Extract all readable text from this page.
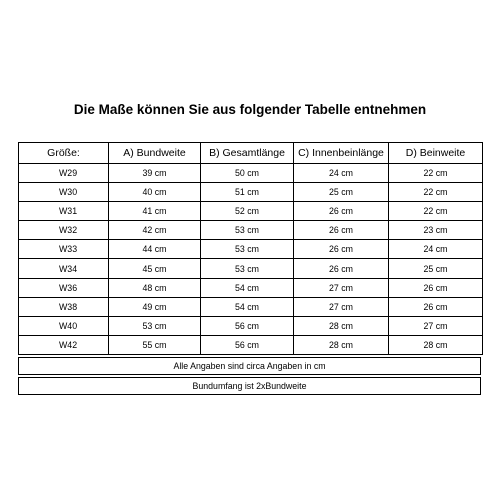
Die Maße können Sie aus folgender Tabelle entnehmen
Größe:	A) Bundweite	B) Gesamtlänge	C) Innenbeinlänge	D) Beinweite
W29	39 cm	50 cm	24 cm	22 cm
W30	40 cm	51 cm	25 cm	22 cm
W31	41 cm	52 cm	26 cm	22 cm
W32	42 cm	53 cm	26 cm	23 cm
W33	44 cm	53 cm	26 cm	24 cm
W34	45 cm	53 cm	26 cm	25 cm
W36	48 cm	54 cm	27 cm	26 cm
W38	49 cm	54 cm	27 cm	26 cm
W40	53 cm	56 cm	28 cm	27 cm
W42	55 cm	56 cm	28 cm	28 cm
Alle Angaben sind circa Angaben in cm
Bundumfang ist 2xBundweite
